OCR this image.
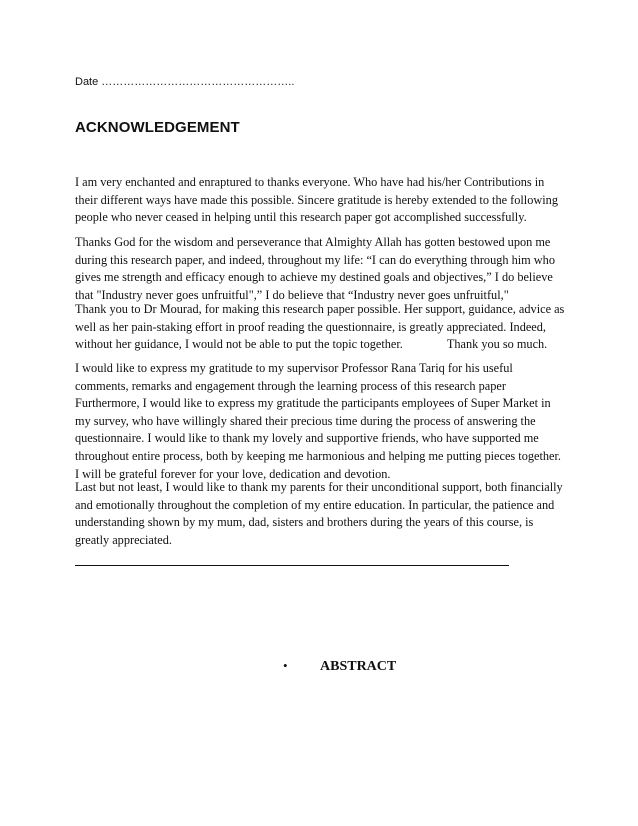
Date ……………………………………………..
ACKNOWLEDGEMENT
I am very enchanted and enraptured to thanks everyone. Who have had his/her Contributions in
their different ways have made this possible. Sincere gratitude is hereby extended to the following
people who never ceased in helping until this research paper got accomplished successfully.
Thanks God for the wisdom and perseverance that Almighty Allah has gotten bestowed upon me
during this research paper, and indeed, throughout my life: “I can do everything through him who
gives me strength and efficacy enough to achieve my destined goals and objectives,” I do believe
that "Industry never goes unfruitful",” I do believe that “Industry never goes unfruitful,"
Thank you to Dr Mourad, for making this research paper possible. Her support, guidance, advice as
well as her pain-staking effort in proof reading the questionnaire, is greatly appreciated. Indeed,
without her guidance, I would not be able to put the topic together.	Thank you so much.
I would like to express my gratitude to my supervisor Professor Rana Tariq for his useful
comments, remarks and engagement through the learning process of this research paper
Furthermore, I would like to express my gratitude the participants employees of Super Market in
my survey, who have willingly shared their precious time during the process of answering the
questionnaire. I would like to thank my lovely and supportive friends, who have supported me
throughout entire process, both by keeping me harmonious and helping me putting pieces together.
I will be grateful forever for your love, dedication and devotion.
Last but not least, I would like to thank my parents for their unconditional support, both financially
and emotionally throughout the completion of my entire education. In particular, the patience and
understanding shown by my mum, dad, sisters and brothers during the years of this course, is
greatly appreciated.
• ABSTRACT
